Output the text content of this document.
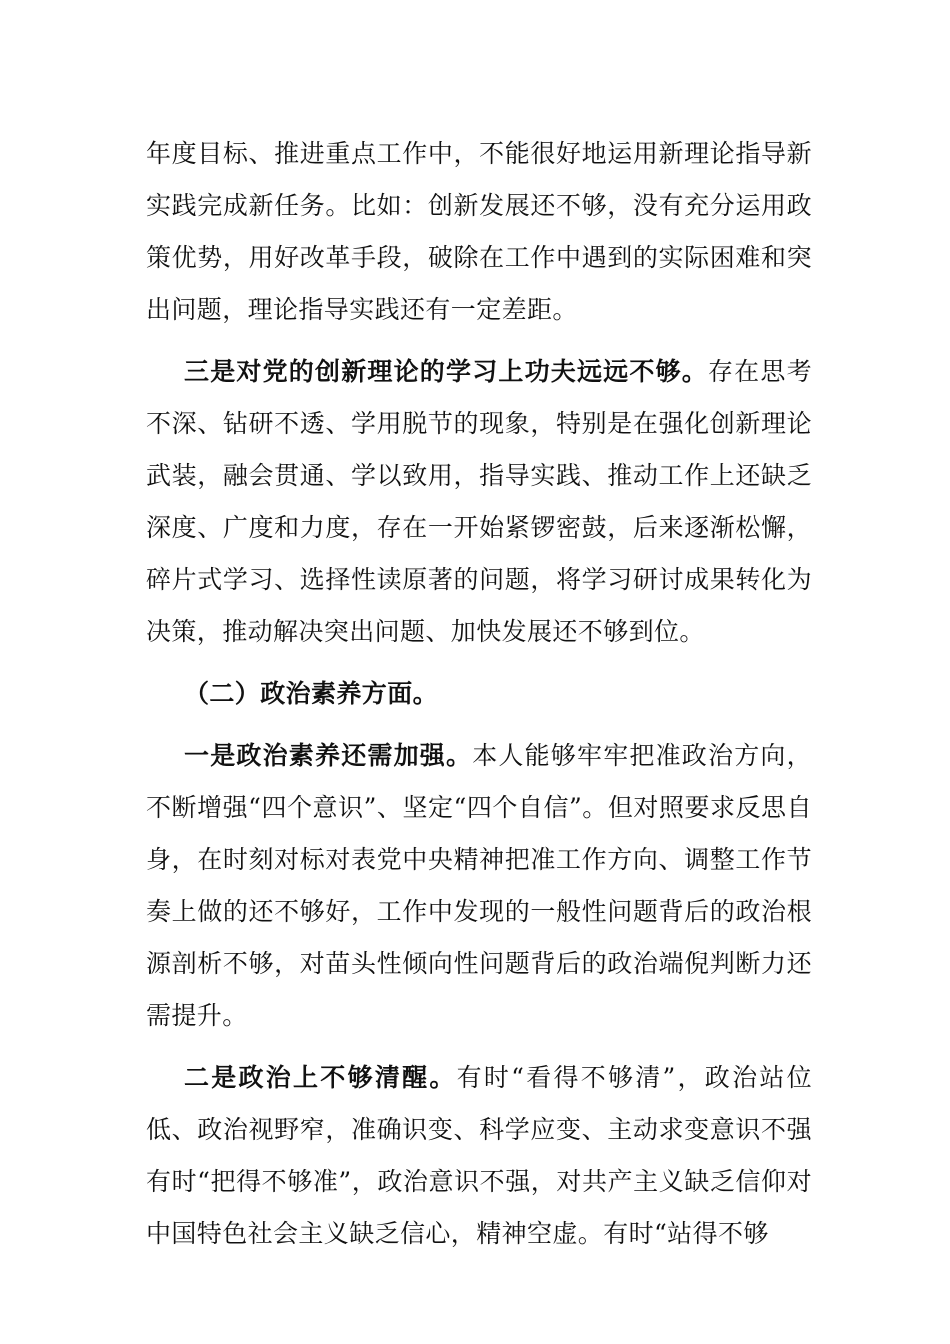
年度目标、推进重点工作中，不能很好地运用新理论指导新实践完成新任务。比如：创新发展还不够，没有充分运用政策优势，用好改革手段，破除在工作中遇到的实际困难和突出问题，理论指导实践还有一定差距。

三是对党的创新理论的学习上功夫远远不够。存在思考不深、钻研不透、学用脱节的现象，特别是在强化创新理论武装，融会贯通、学以致用，指导实践、推动工作上还缺乏深度、广度和力度，存在一开始紧锣密鼓，后来逐渐松懈，碎片式学习、选择性读原著的问题，将学习研讨成果转化为决策，推动解决突出问题、加快发展还不够到位。

（二）政治素养方面。

一是政治素养还需加强。本人能够牢牢把准政治方向，不断增强“四个意识”、坚定“四个自信”。但对照要求反思自身，在时刻对标对表党中央精神把准工作方向、调整工作节奏上做的还不够好，工作中发现的一般性问题背后的政治根源剖析不够，对苗头性倾向性问题背后的政治端倪判断力还需提升。

二是政治上不够清醒。有时“看得不够清”，政治站位低、政治视野窄，准确识变、科学应变、主动求变意识不强有时“把得不够准”，政治意识不强，对共产主义缺乏信仰对中国特色社会主义缺乏信心，精神空虚。有时“站得不够
